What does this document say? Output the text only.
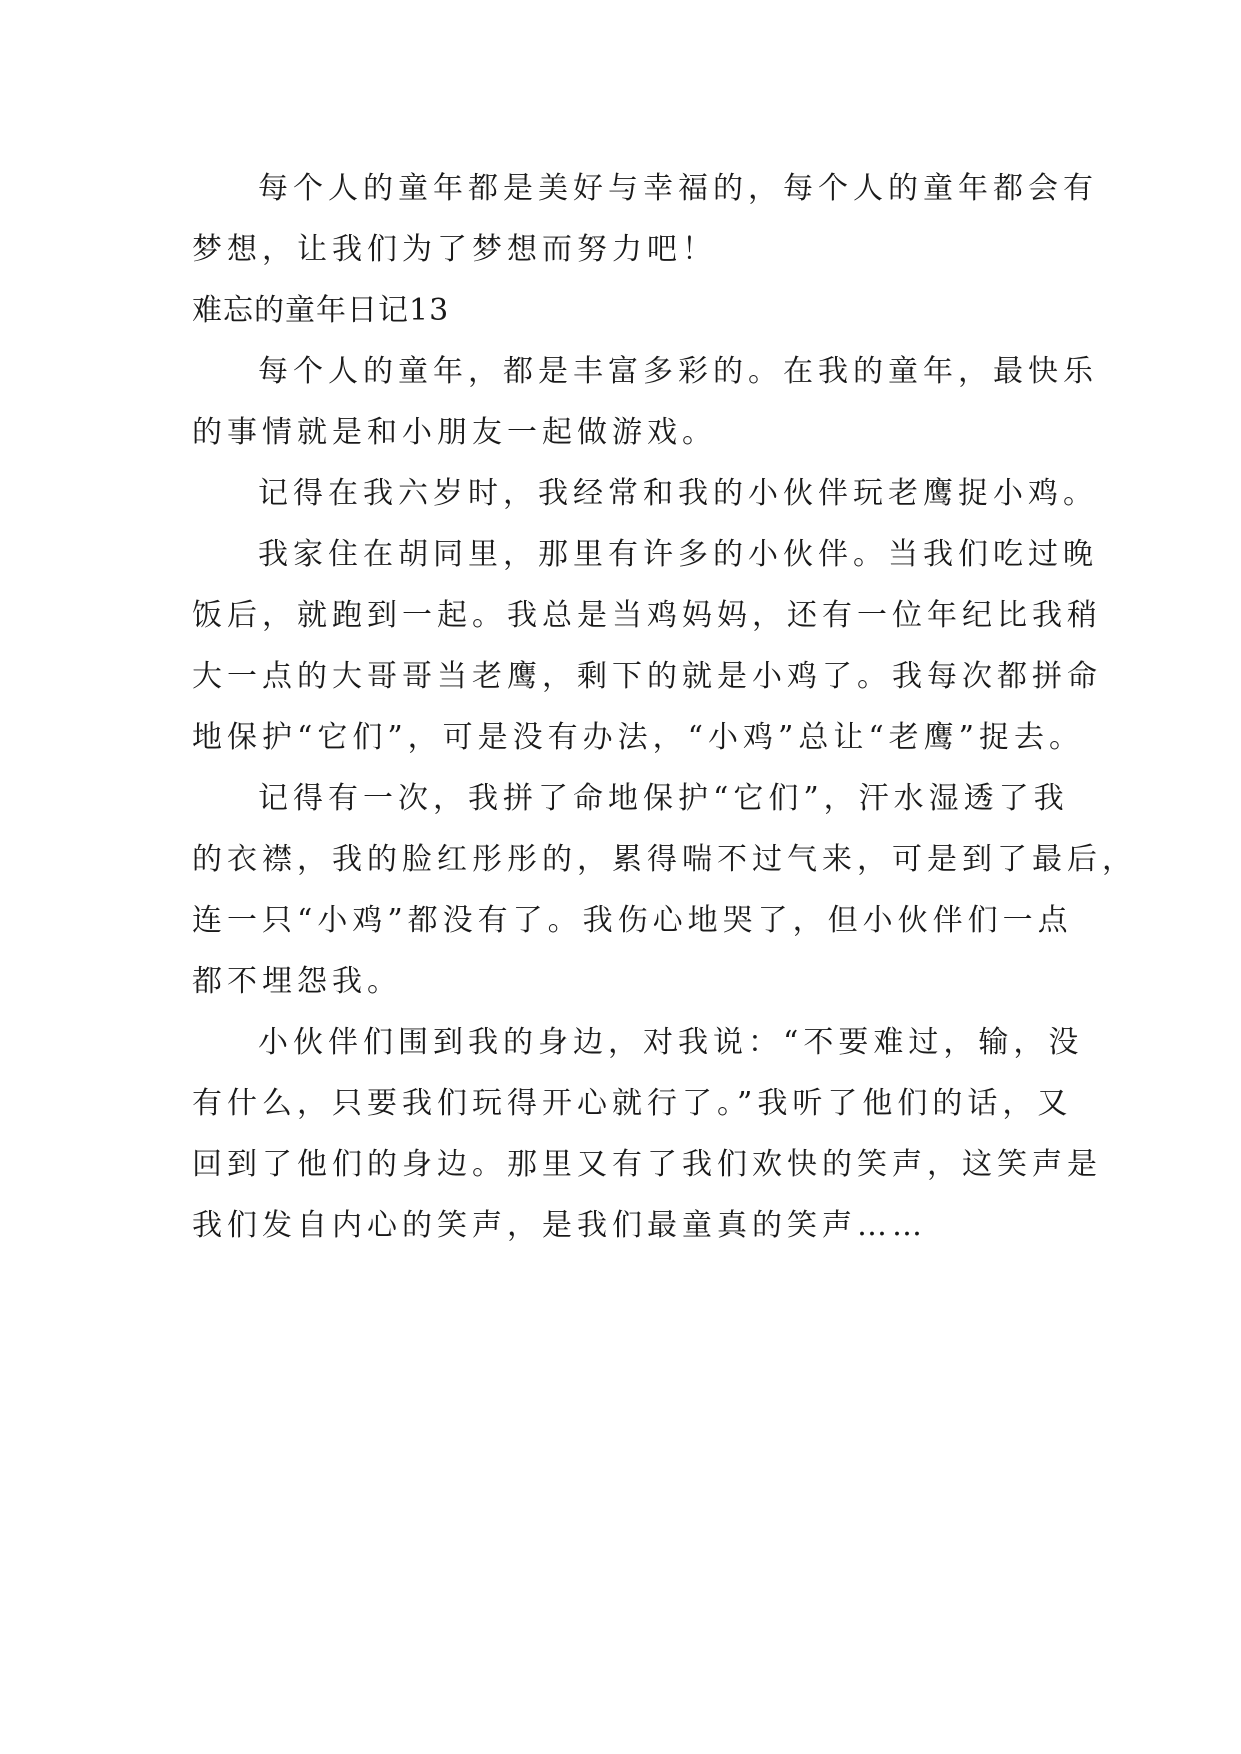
每个人的童年都是美好与幸福的，每个人的童年都会有
梦想，让我们为了梦想而努力吧！
难忘的童年日记13
每个人的童年，都是丰富多彩的。在我的童年，最快乐
的事情就是和小朋友一起做游戏。
记得在我六岁时，我经常和我的小伙伴玩老鹰捉小鸡。
我家住在胡同里，那里有许多的小伙伴。当我们吃过晚
饭后，就跑到一起。我总是当鸡妈妈，还有一位年纪比我稍
大一点的大哥哥当老鹰，剩下的就是小鸡了。我每次都拼命
地保护“它们”，可是没有办法，“小鸡”总让“老鹰”捉去。
记得有一次，我拼了命地保护“它们”，汗水湿透了我
的衣襟，我的脸红彤彤的，累得喘不过气来，可是到了最后，
连一只“小鸡”都没有了。我伤心地哭了，但小伙伴们一点
都不埋怨我。
小伙伴们围到我的身边，对我说：“不要难过，输，没
有什么，只要我们玩得开心就行了。”我听了他们的话，又
回到了他们的身边。那里又有了我们欢快的笑声，这笑声是
我们发自内心的笑声，是我们最童真的笑声……
